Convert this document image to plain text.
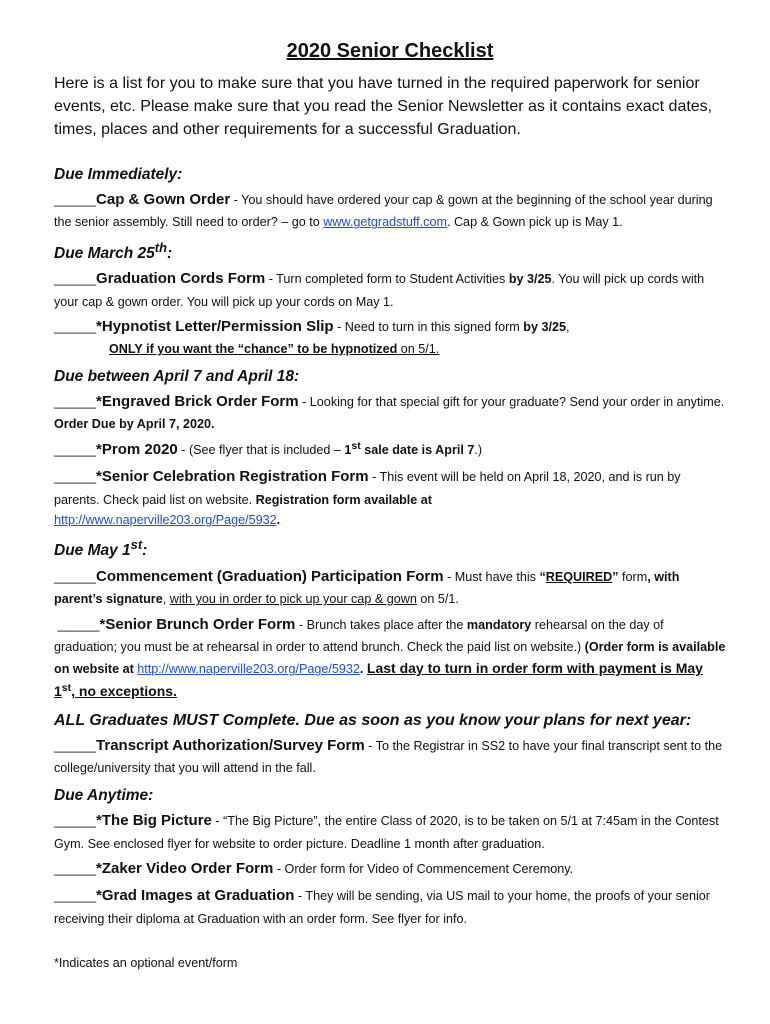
2020 Senior Checklist

Here is a list for you to make sure that you have turned in the required paperwork for senior events, etc. Please make sure that you read the Senior Newsletter as it contains exact dates, times, places and other requirements for a successful Graduation.

Due Immediately:
______Cap & Gown Order - You should have ordered your cap & gown at the beginning of the school year during the senior assembly. Still need to order? – go to www.getgradstuff.com. Cap & Gown pick up is May 1.
Due March 25th:
______Graduation Cords Form - Turn completed form to Student Activities by 3/25. You will pick up cords with your cap & gown order. You will pick up your cords on May 1.
______*Hypnotist Letter/Permission Slip - Need to turn in this signed form by 3/25,
ONLY if you want the “chance” to be hypnotized on 5/1.
Due between April 7 and April 18:
______*Engraved Brick Order Form - Looking for that special gift for your graduate? Send your order in anytime. Order Due by April 7, 2020.
______*Prom 2020 - (See flyer that is included – 1st sale date is April 7.)
______*Senior Celebration Registration Form - This event will be held on April 18, 2020, and is run by parents. Check paid list on website. Registration form available at
http://www.naperville203.org/Page/5932.
Due May 1st:
______Commencement (Graduation) Participation Form - Must have this “REQUIRED” form, with parent’s signature, with you in order to pick up your cap & gown on 5/1.
______*Senior Brunch Order Form - Brunch takes place after the mandatory rehearsal on the day of graduation; you must be at rehearsal in order to attend brunch. Check the paid list on website.) (Order form is available on website at http://www.naperville203.org/Page/5932. Last day to turn in order form with payment is May 1st, no exceptions.
ALL Graduates MUST Complete. Due as soon as you know your plans for next year:
______Transcript Authorization/Survey Form - To the Registrar in SS2 to have your final transcript sent to the college/university that you will attend in the fall.
Due Anytime:
______*The Big Picture - “The Big Picture”, the entire Class of 2020, is to be taken on 5/1 at 7:45am in the Contest Gym. See enclosed flyer for website to order picture. Deadline 1 month after graduation.
______*Zaker Video Order Form - Order form for Video of Commencement Ceremony.
______*Grad Images at Graduation - They will be sending, via US mail to your home, the proofs of your senior receiving their diploma at Graduation with an order form. See flyer for info.
*Indicates an optional event/form
